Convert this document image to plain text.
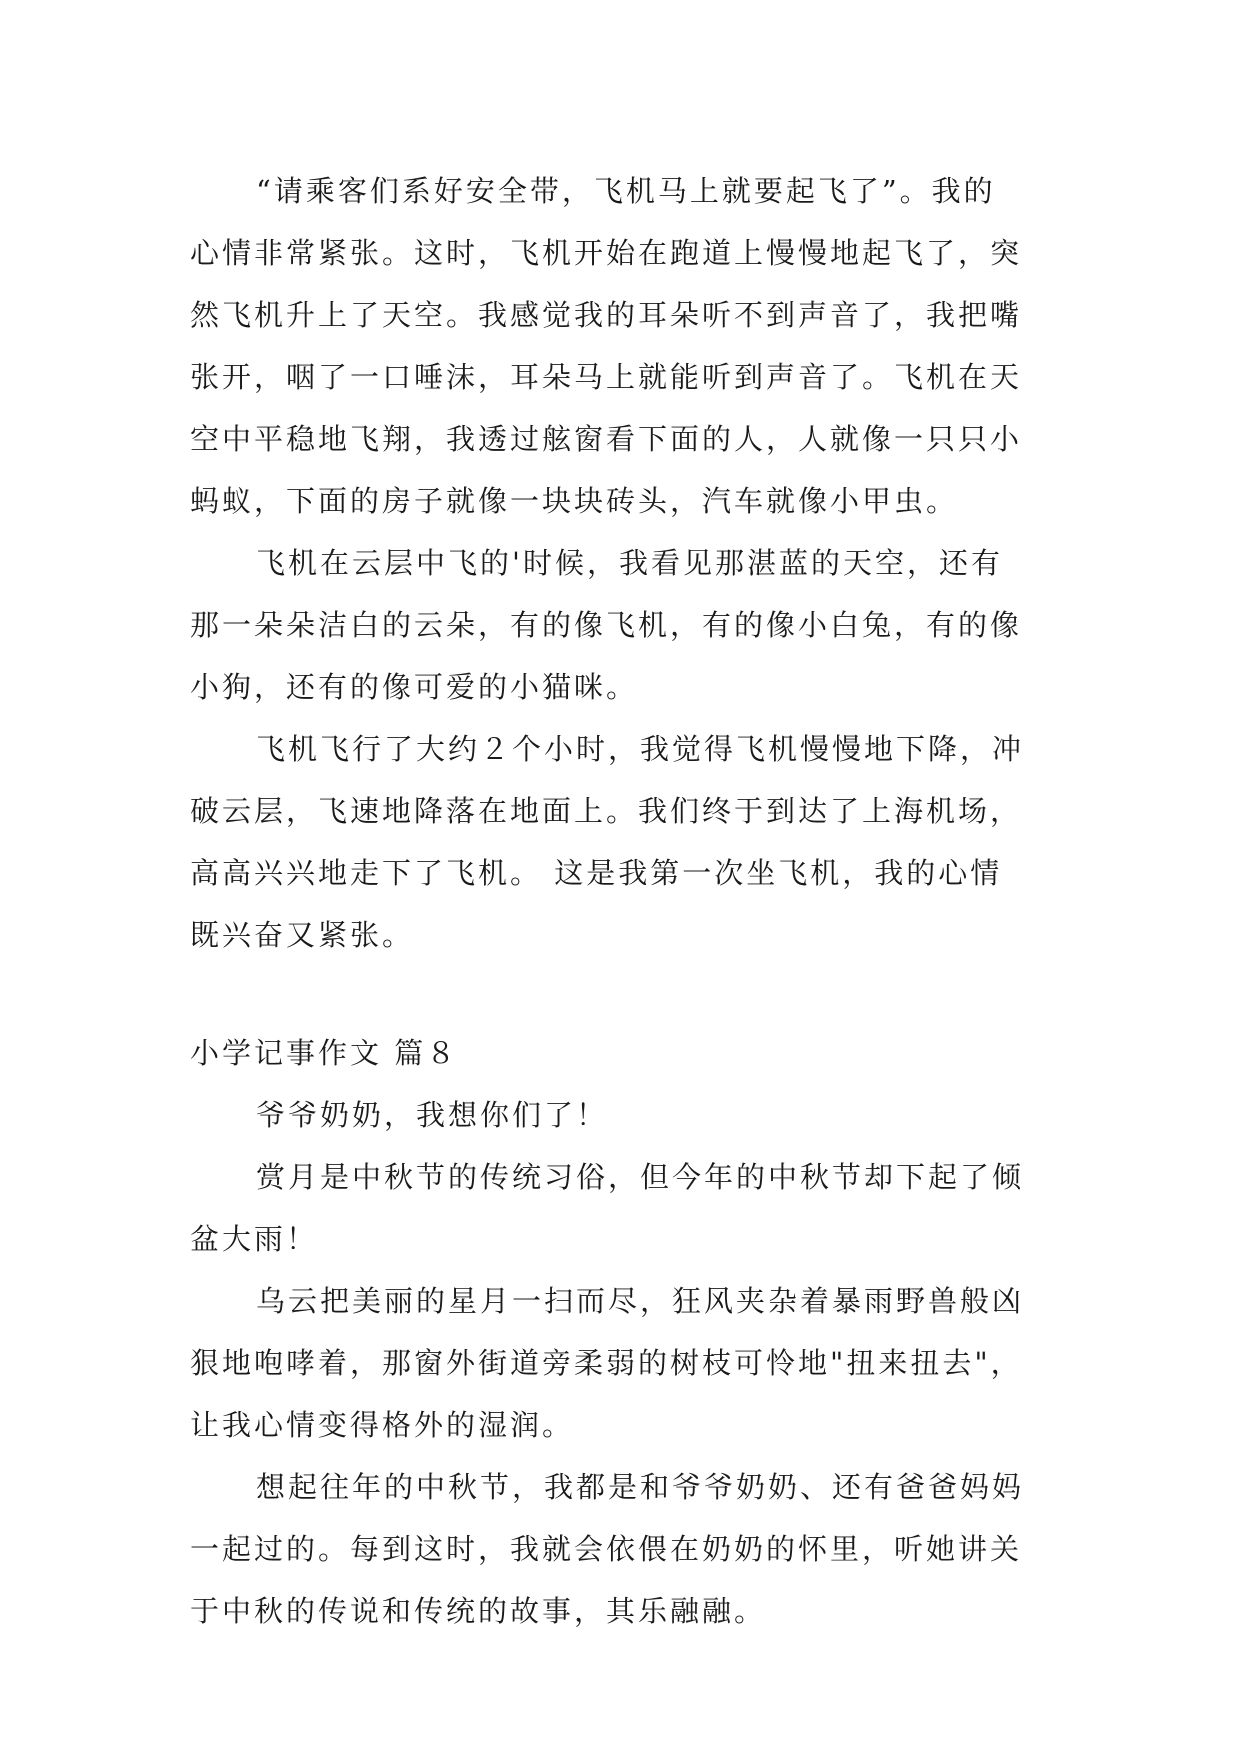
“请乘客们系好安全带，飞机马上就要起飞了”。我的
心情非常紧张。这时，飞机开始在跑道上慢慢地起飞了，突
然飞机升上了天空。我感觉我的耳朵听不到声音了，我把嘴
张开，咽了一口唾沫，耳朵马上就能听到声音了。飞机在天
空中平稳地飞翔，我透过舷窗看下面的人，人就像一只只小
蚂蚁，下面的房子就像一块块砖头，汽车就像小甲虫。

飞机在云层中飞的'时候，我看见那湛蓝的天空，还有
那一朵朵洁白的云朵，有的像飞机，有的像小白兔，有的像
小狗，还有的像可爱的小猫咪。

飞机飞行了大约２个小时，我觉得飞机慢慢地下降，冲
破云层，飞速地降落在地面上。我们终于到达了上海机场，
高高兴兴地走下了飞机。 这是我第一次坐飞机，我的心情
既兴奋又紧张。

小学记事作文 篇８

爷爷奶奶，我想你们了！

赏月是中秋节的传统习俗，但今年的中秋节却下起了倾
盆大雨！

乌云把美丽的星月一扫而尽，狂风夹杂着暴雨野兽般凶
狠地咆哮着，那窗外街道旁柔弱的树枝可怜地"扭来扭去"，
让我心情变得格外的湿润。

想起往年的中秋节，我都是和爷爷奶奶、还有爸爸妈妈
一起过的。每到这时，我就会依偎在奶奶的怀里，听她讲关
于中秋的传说和传统的故事，其乐融融。
